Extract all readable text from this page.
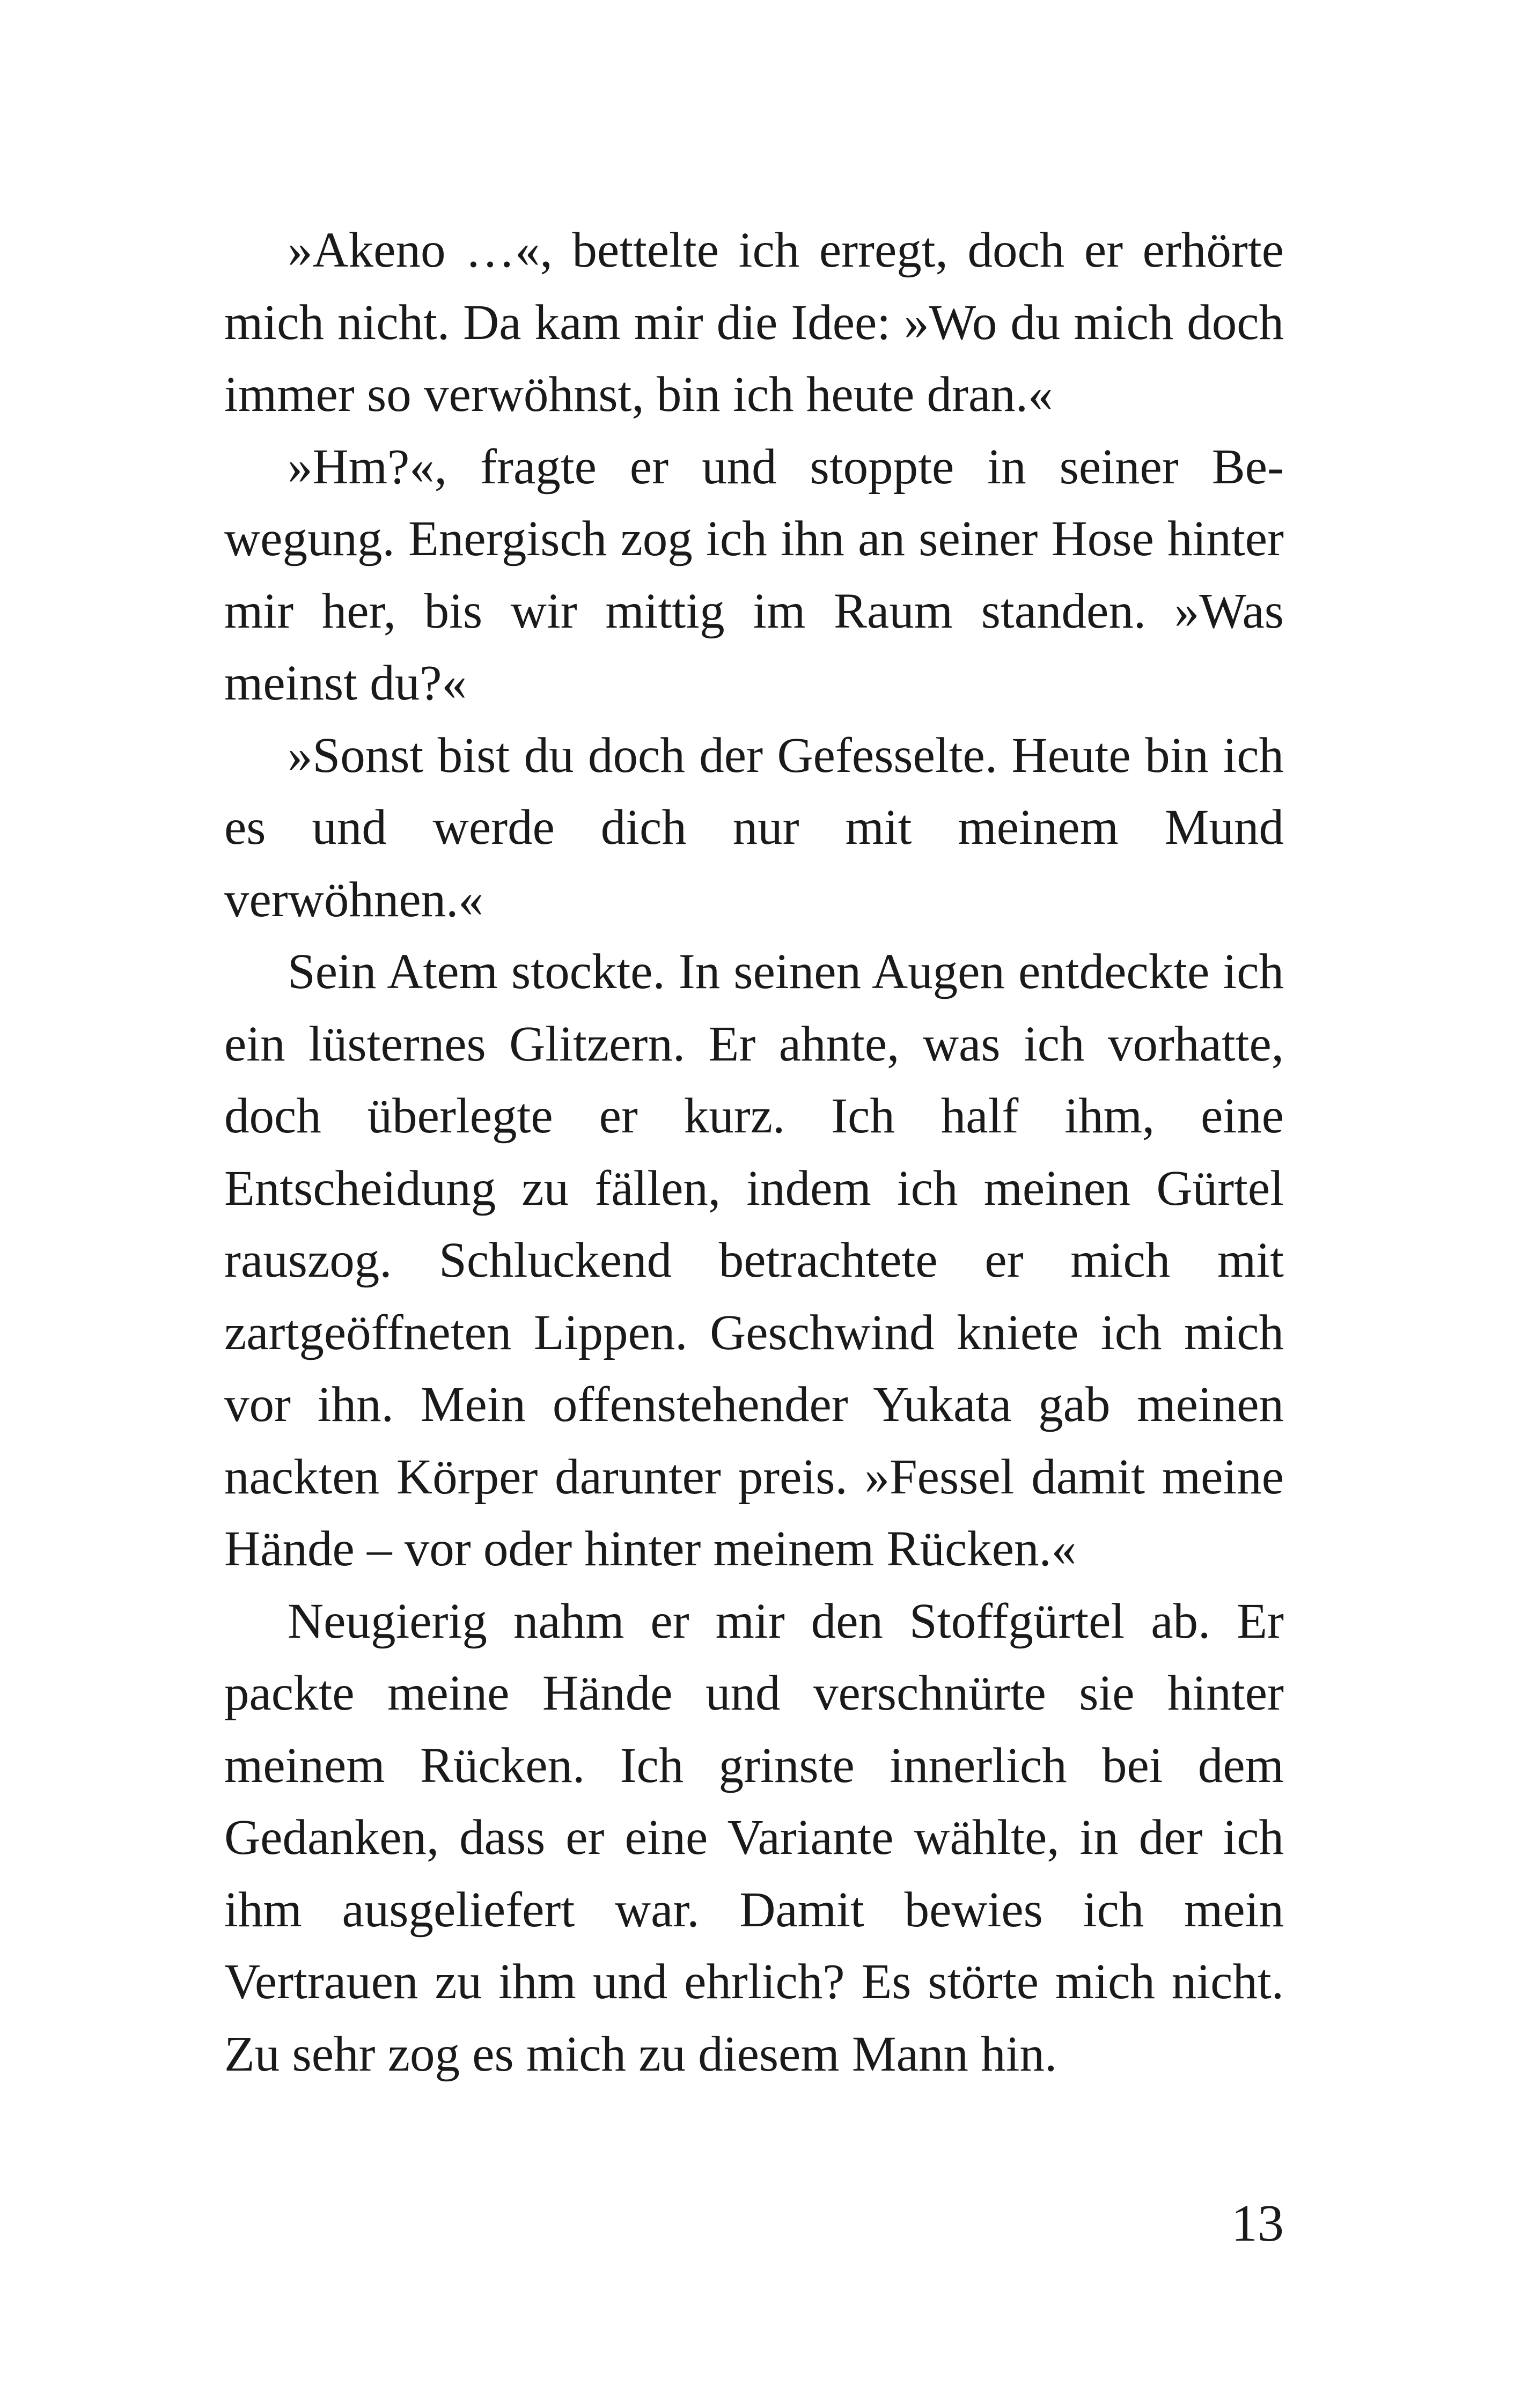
»Akeno …«, bettelte ich erregt, doch er erhörte mich nicht. Da kam mir die Idee: »Wo du mich doch immer so verwöhnst, bin ich heute dran.«

»Hm?«, fragte er und stoppte in seiner Bewegung. Energisch zog ich ihn an seiner Hose hinter mir her, bis wir mittig im Raum standen. »Was meinst du?«

»Sonst bist du doch der Gefesselte. Heute bin ich es und werde dich nur mit meinem Mund verwöhnen.«

Sein Atem stockte. In seinen Augen entdeckte ich ein lüsternes Glitzern. Er ahnte, was ich vorhatte, doch überlegte er kurz. Ich half ihm, eine Entscheidung zu fällen, indem ich meinen Gürtel rauszog. Schluckend betrachtete er mich mit zartgeöffneten Lippen. Geschwind kniete ich mich vor ihn. Mein offenstehender Yukata gab meinen nackten Körper darunter preis. »Fessel damit meine Hände – vor oder hinter meinem Rücken.«

Neugierig nahm er mir den Stoffgürtel ab. Er packte meine Hände und verschnürte sie hinter meinem Rücken. Ich grinste innerlich bei dem Gedanken, dass er eine Variante wählte, in der ich ihm ausgeliefert war. Damit bewies ich mein Vertrauen zu ihm und ehrlich? Es störte mich nicht. Zu sehr zog es mich zu diesem Mann hin.

13
